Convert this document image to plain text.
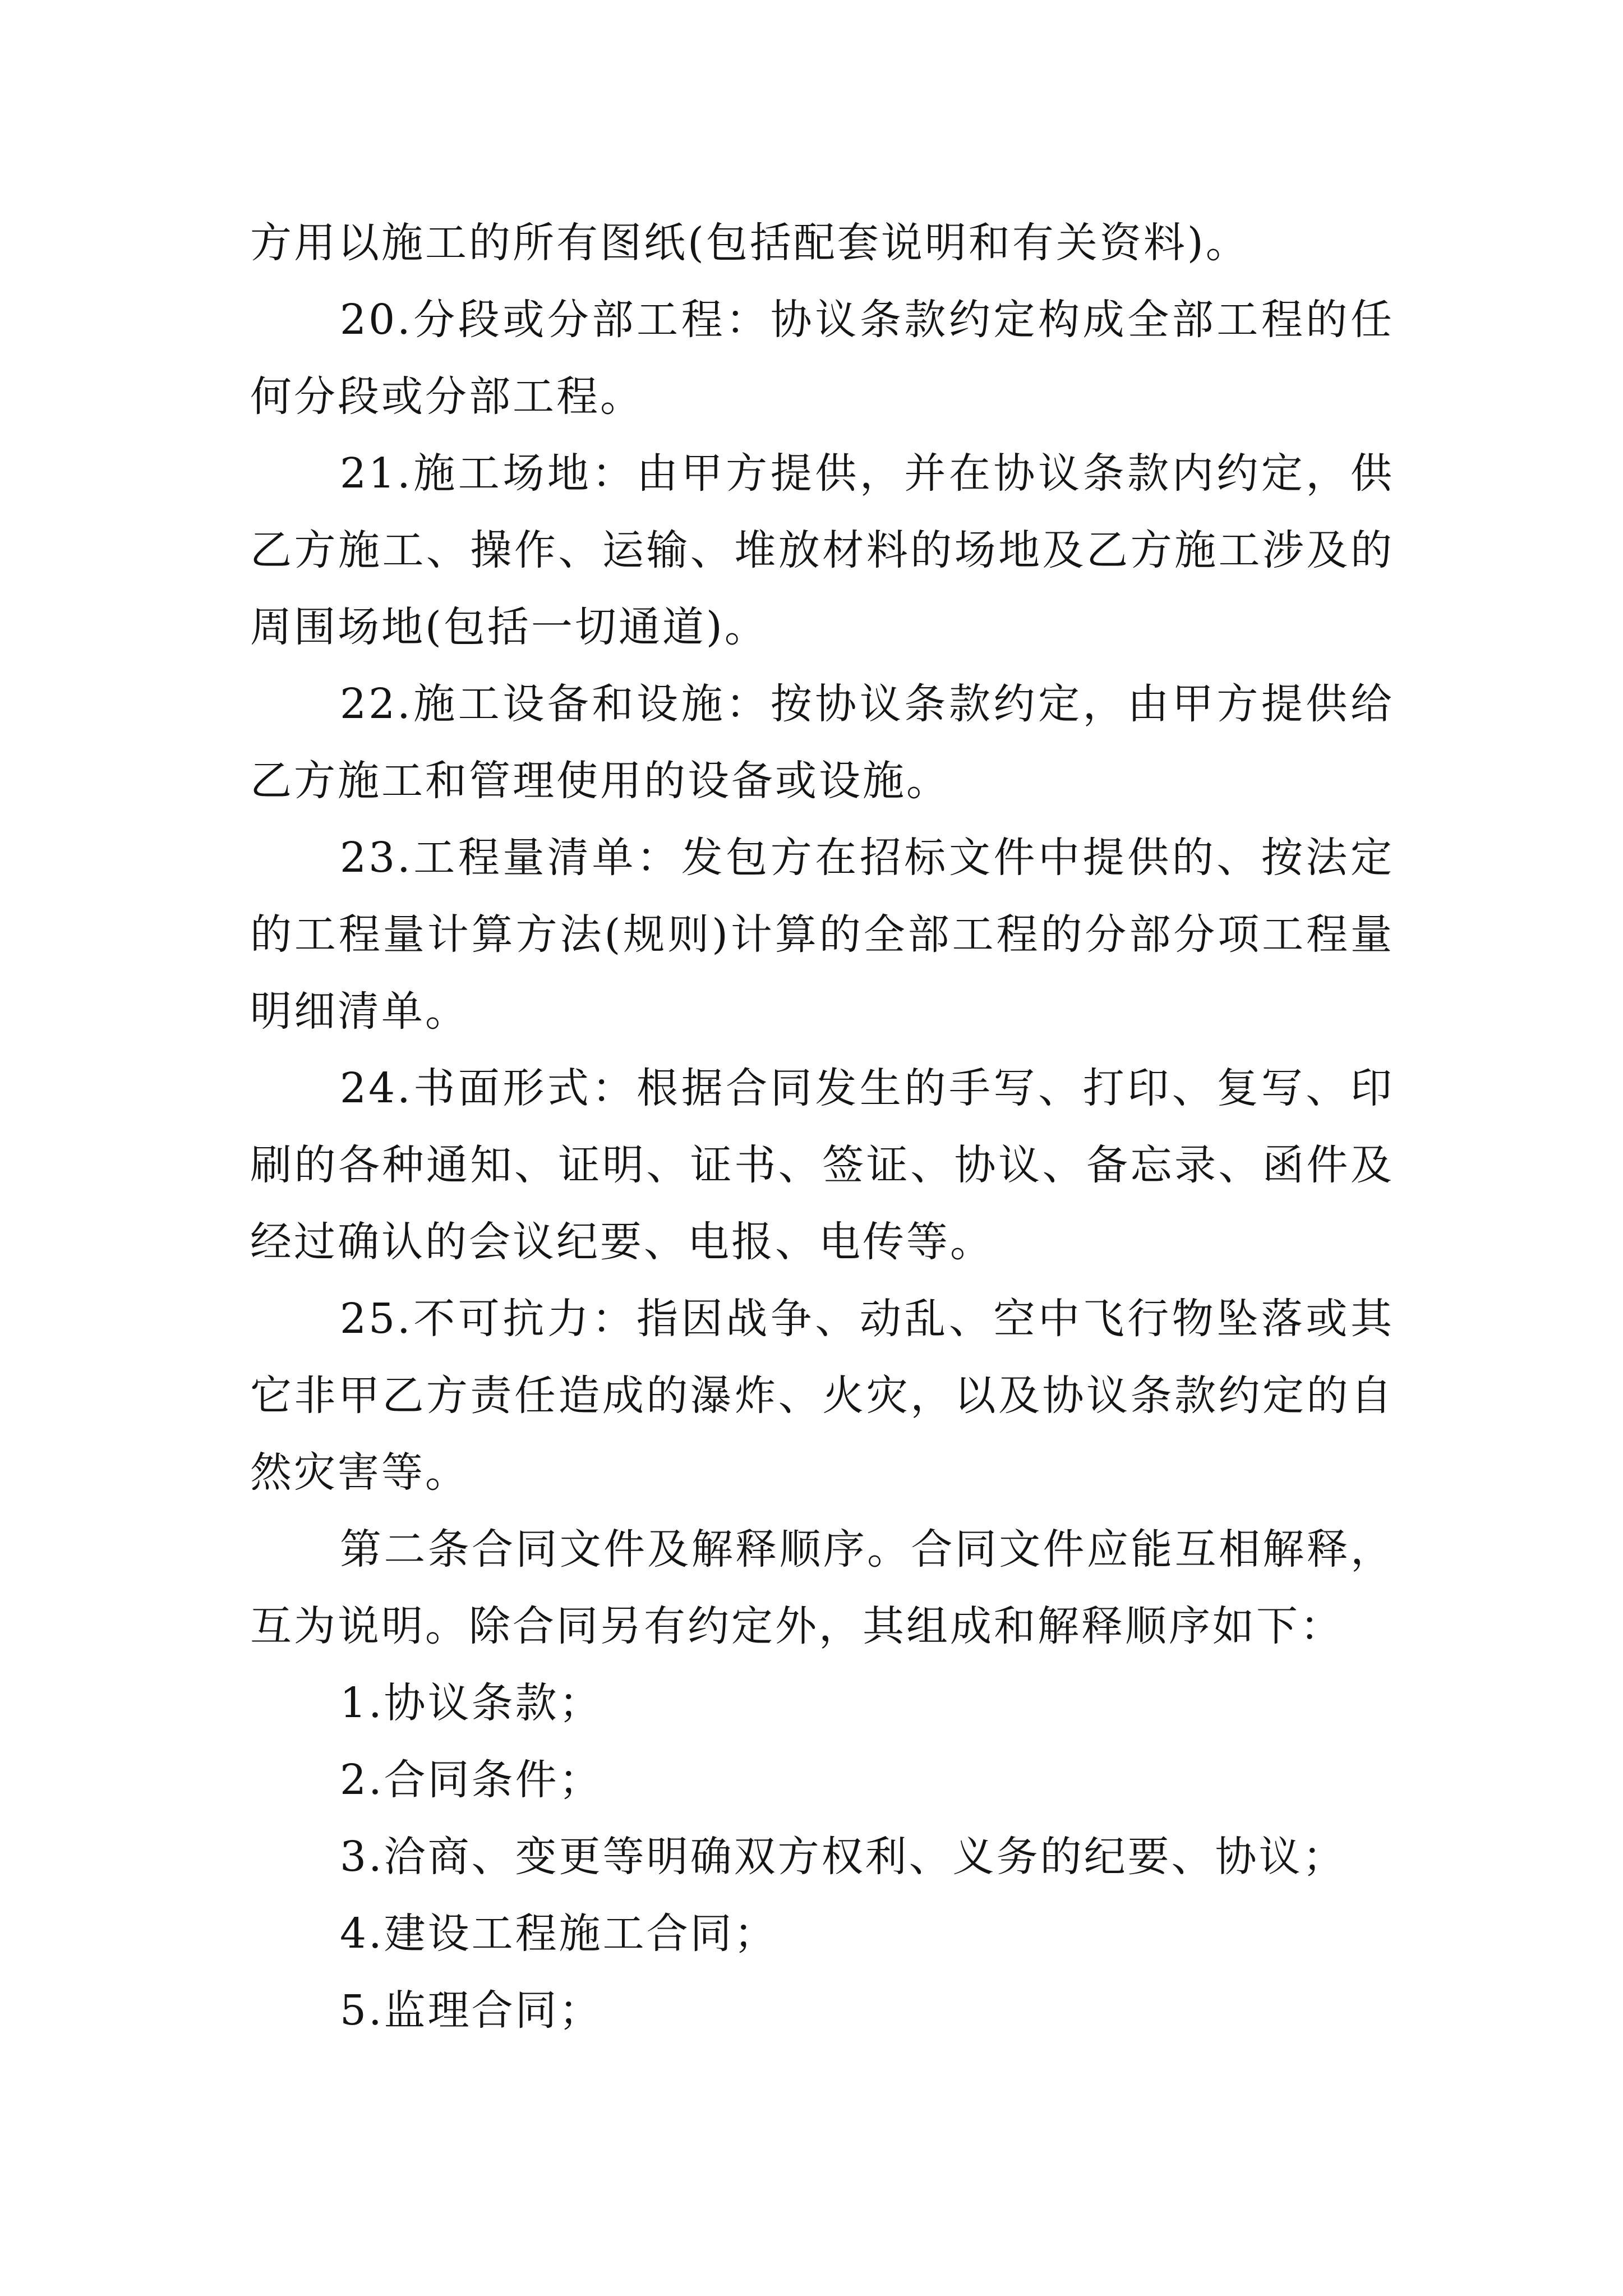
方用以施工的所有图纸(包括配套说明和有关资料)。

20.分段或分部工程：协议条款约定构成全部工程的任何分段或分部工程。

21.施工场地：由甲方提供，并在协议条款内约定，供乙方施工、操作、运输、堆放材料的场地及乙方施工涉及的周围场地(包括一切通道)。

22.施工设备和设施：按协议条款约定，由甲方提供给乙方施工和管理使用的设备或设施。

23.工程量清单：发包方在招标文件中提供的、按法定的工程量计算方法(规则)计算的全部工程的分部分项工程量明细清单。

24.书面形式：根据合同发生的手写、打印、复写、印刷的各种通知、证明、证书、签证、协议、备忘录、函件及经过确认的会议纪要、电报、电传等。

25.不可抗力：指因战争、动乱、空中飞行物坠落或其它非甲乙方责任造成的瀑炸、火灾，以及协议条款约定的自然灾害等。

第二条合同文件及解释顺序。合同文件应能互相解释，互为说明。除合同另有约定外，其组成和解释顺序如下：

1.协议条款；

2.合同条件；

3.洽商、变更等明确双方权利、义务的纪要、协议；

4.建设工程施工合同；

5.监理合同；
